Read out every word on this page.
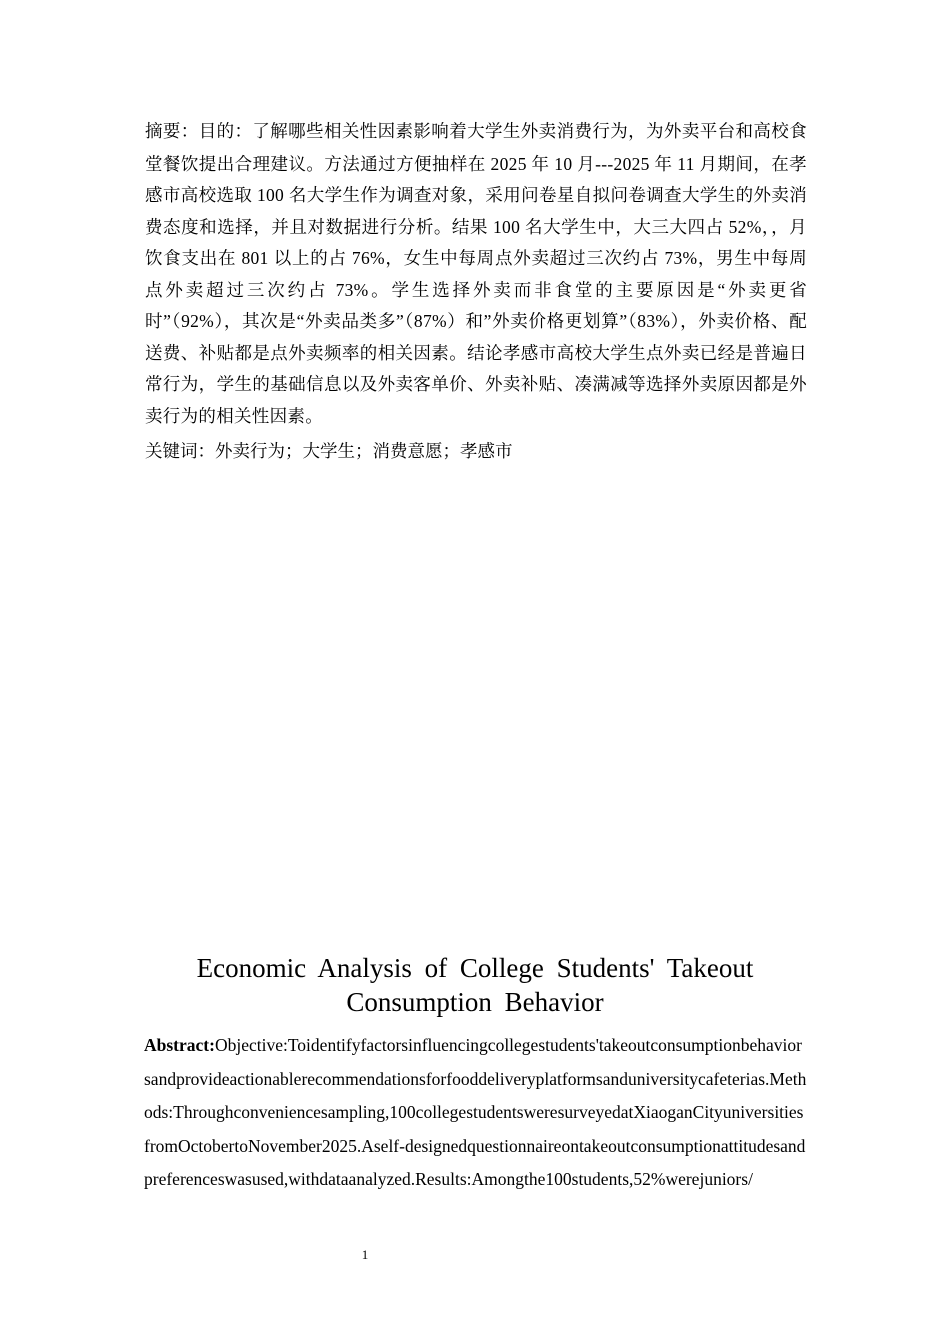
摘要：目的：了解哪些相关性因素影响着大学生外卖消费行为，为外卖平台和高校食堂餐饮提出合理建议。方法通过方便抽样在 2025 年 10 月---2025 年 11 月期间，在孝感市高校选取 100 名大学生作为调查对象，采用问卷星自拟问卷调查大学生的外卖消费态度和选择，并且对数据进行分析。结果 100 名大学生中，大三大四占 52%，，月饮食支出在 801 以上的占 76%，女生中每周点外卖超过三次约占 73%，男生中每周点外卖超过三次约占 73%。学生选择外卖而非食堂的主要原因是“外卖更省时”（92%），其次是“外卖品类多”（87%）和”外卖价格更划算”（83%），外卖价格、配送费、补贴都是点外卖频率的相关因素。结论孝感市高校大学生点外卖已经是普遍日常行为，学生的基础信息以及外卖客单价、外卖补贴、凑满减等选择外卖原因都是外卖行为的相关性因素。

关键词：外卖行为；大学生；消费意愿；孝感市

Economic Analysis of College Students' Takeout Consumption Behavior

Abstract:Objective:Toidentifyfactorsinfluencingcollegestudents'takeoutconsumptionbehaviorsandprovideactionablerecommendationsforfooddeliveryplatformsanduniversitycafeterias.Methods:Throughconveniencesampling,100collegestudentsweresurveyedatXiaoganCityuniversitiesfromOctobertoNovember2025.Aself-designedquestionnaireontakeoutconsumptionattitudesandpreferenceswasused,withdataanalyzed.Results:Amongthe100students,52%werejuniors/

1
